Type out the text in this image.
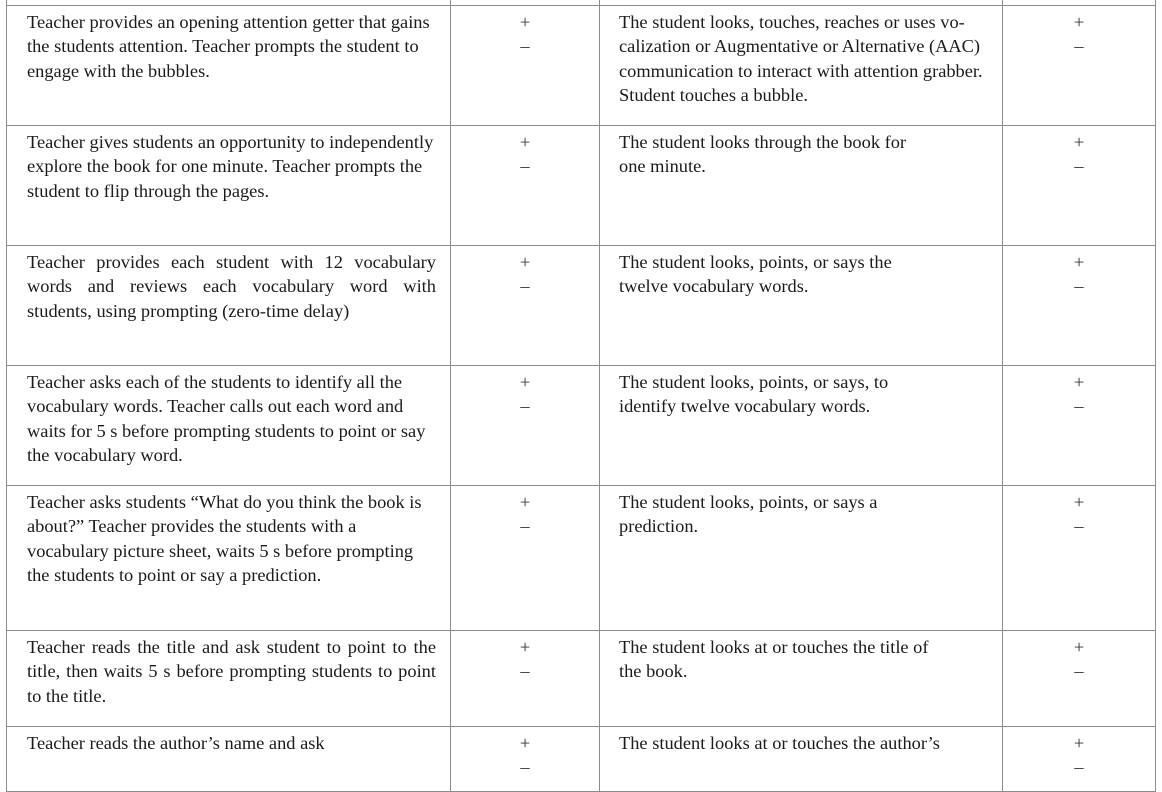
Teacher provides an opening attention getter that gains the students attention. Teacher prompts the student to engage with the bubbles.	+
–	The student looks, touches, reaches or uses vo- calization or Augmentative or Alternative (AAC) communication to interact with attention grabber. Student touches a bubble.	+
–

Teacher gives students an opportunity to independently explore the book for one minute. Teacher prompts the student to flip through the pages.	+
–	The student looks through the book for one minute.	+
–

Teacher provides each student with 12 vocabulary words and reviews each vocabulary word with students, using prompting (zero-time delay)	+
–	The student looks, points, or says the twelve vocabulary words.	+
–

Teacher asks each of the students to identify all the vocabulary words. Teacher calls out each word and waits for 5 s before prompting students to point or say the vocabulary word.	+
–	The student looks, points, or says, to identify twelve vocabulary words.	+
–

Teacher asks students “What do you think the book is about?” Teacher provides the students with a vocabulary picture sheet, waits 5 s before prompting the students to point or say a prediction.	+
–	The student looks, points, or says a prediction.	+
–

Teacher reads the title and ask student to point to the title, then waits 5 s before prompting students to point to the title.	+
–	The student looks at or touches the title of the book.	+
–

Teacher reads the author’s name and ask	+
–	The student looks at or touches the author’s	+
–
